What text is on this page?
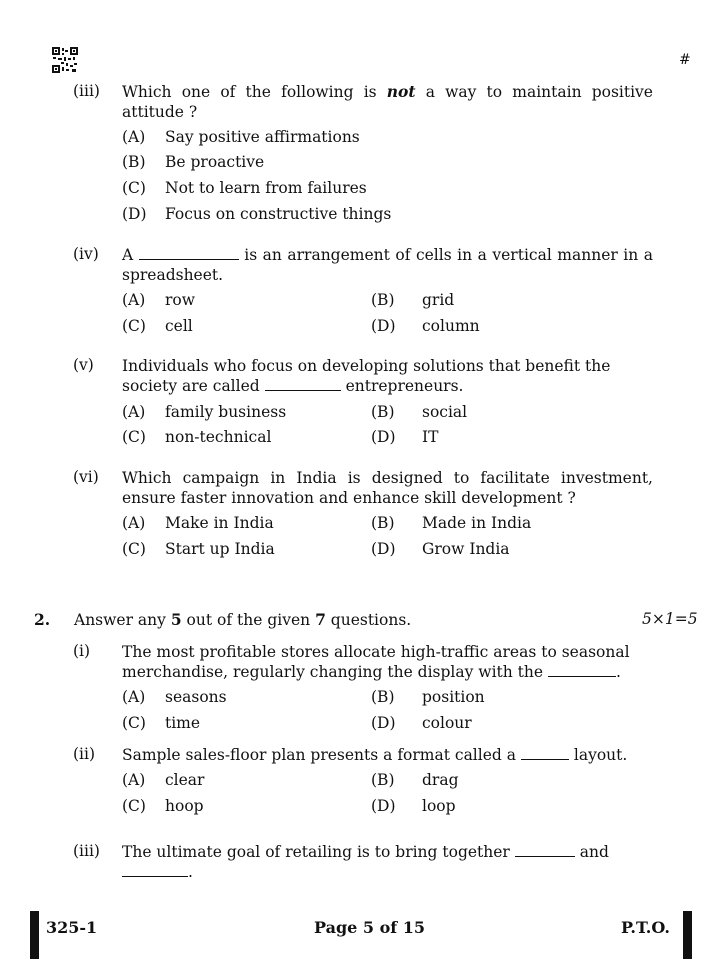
#
(iii) Which one of the following is not a way to maintain positive attitude ?
(A) Say positive affirmations
(B) Be proactive
(C) Not to learn from failures
(D) Focus on constructive things
(iv) A	is an arrangement of cells in a vertical manner in a spreadsheet.
(A) row	(B) grid
(C) cell	(D) column
(v) Individuals who focus on developing solutions that benefit the
society are called	entrepreneurs.
(A) family business	(B) social
(C) non-technical	(D) IT
(vi) Which campaign in India is designed to facilitate investment, ensure faster innovation and enhance skill development ?
(A) Make in India	(B) Made in India
(C) Start up India	(D) Grow India
2. Answer any 5 out of the given 7 questions.	5×1=5
(i) The most profitable stores allocate high-traffic areas to seasonal
merchandise, regularly changing the display with the	.
(A) seasons	(B) position
(C) time	(D) colour
(ii) Sample sales-floor plan presents a format called a	layout.
(A) clear	(B) drag
(C) hoop	(D) loop
(iii) The ultimate goal of retailing is to bring together	and
.
325-1	Page 5 of 15	P.T.O.
